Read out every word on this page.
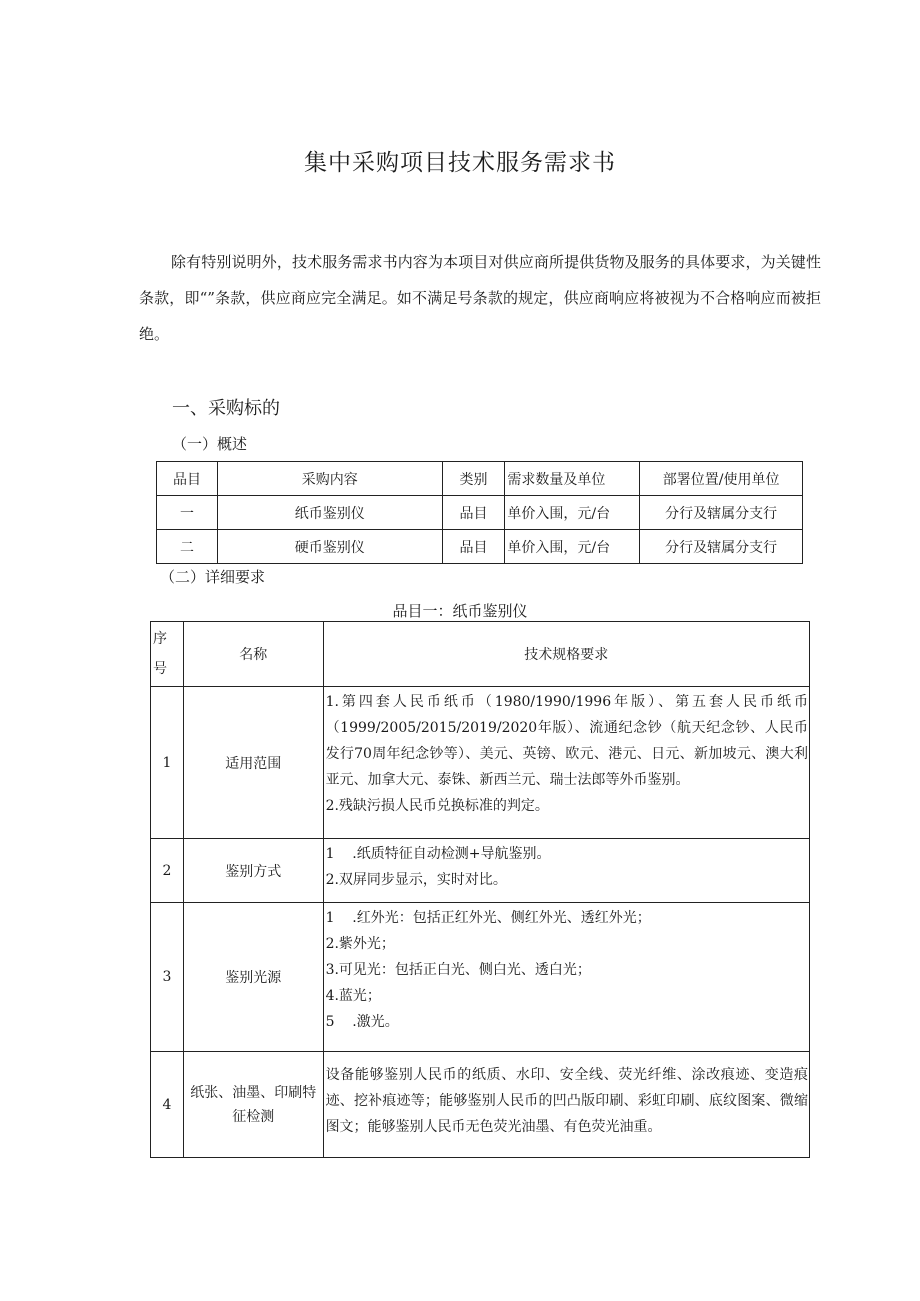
集中采购项目技术服务需求书
除有特别说明外，技术服务需求书内容为本项目对供应商所提供货物及服务的具体要求，为关键性条款，即“”条款，供应商应完全满足。如不满足号条款的规定，供应商响应将被视为不合格响应而被拒绝。
一、采购标的
（一）概述
品目	采购内容	类别	需求数量及单位	部署位置/使用单位
一	纸币鉴别仪	品目	单价入围，元/台	分行及辖属分支行
二	硬币鉴别仪	品目	单价入围，元/台	分行及辖属分支行
（二）详细要求
品目一：纸币鉴别仪
序
号	名称	技术规格要求
1	适用范围	1.第四套人民币纸币（1980/1990/1996年版）、第五套人民币纸币（1999/2005/2015/2019/2020年版）、流通纪念钞（航天纪念钞、人民币发行70周年纪念钞等）、美元、英镑、欧元、港元、日元、新加坡元、澳大利亚元、加拿大元、泰铢、新西兰元、瑞士法郎等外币鉴别。
2.残缺污损人民币兑换标准的判定。

2	鉴别方式	1	.纸质特征自动检测+导航鉴别。
2.双屏同步显示，实时对比。

3	鉴别光源	1	.红外光：包括正红外光、侧红外光、透红外光；
2.紫外光；
3.可见光：包括正白光、侧白光、透白光；
4.蓝光；
5	.激光。

4	纸张、油墨、印刷特征检测	设备能够鉴别人民币的纸质、水印、安全线、荧光纤维、涂改痕迹、变造痕迹、挖补痕迹等；能够鉴别人民币的凹凸版印刷、彩虹印刷、底纹图案、微缩图文；能够鉴别人民币无色荧光油墨、有色荧光油重。
